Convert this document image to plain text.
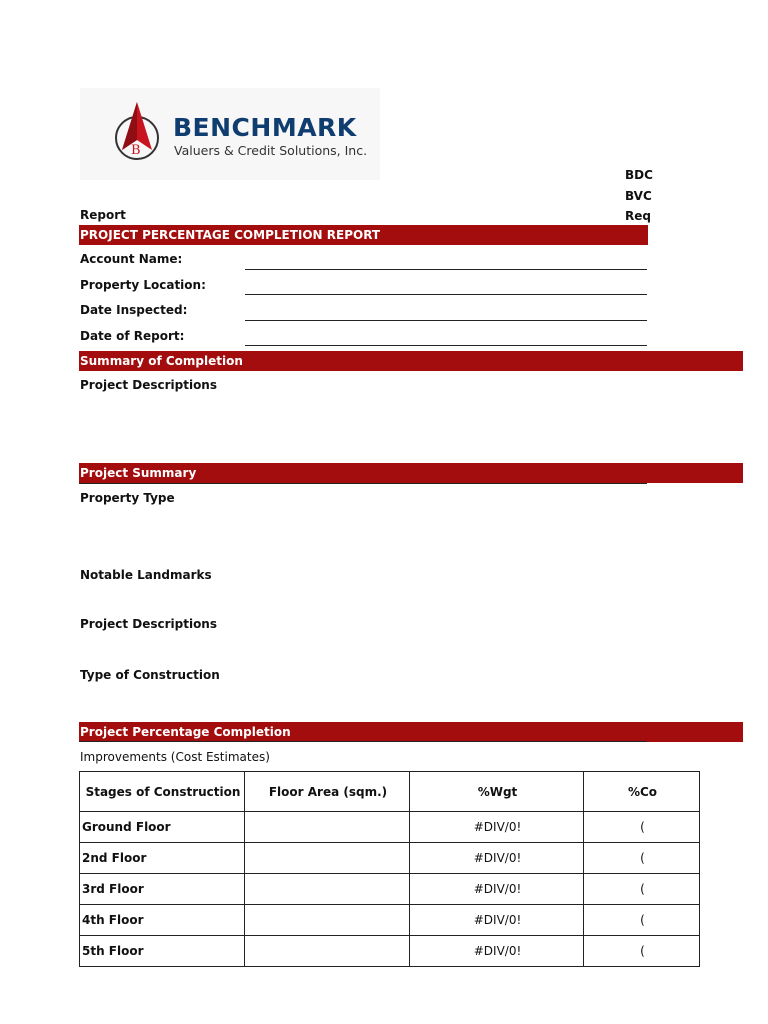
B
BENCHMARK
Valuers & Credit Solutions, Inc.
BDC
BVC
Req
Report
PROJECT PERCENTAGE COMPLETION REPORT
Account Name:
Property Location:
Date Inspected:
Date of Report:
Summary of Completion
Project Descriptions
Project Summary
Property Type
Notable Landmarks
Project Descriptions
Type of Construction
Project Percentage Completion
Improvements (Cost Estimates)
Stages of Construction	Floor Area (sqm.)	%Wgt	%Co
Ground Floor		#DIV/0!	(
2nd Floor		#DIV/0!	(
3rd Floor		#DIV/0!	(
4th Floor		#DIV/0!	(
5th Floor		#DIV/0!	(
